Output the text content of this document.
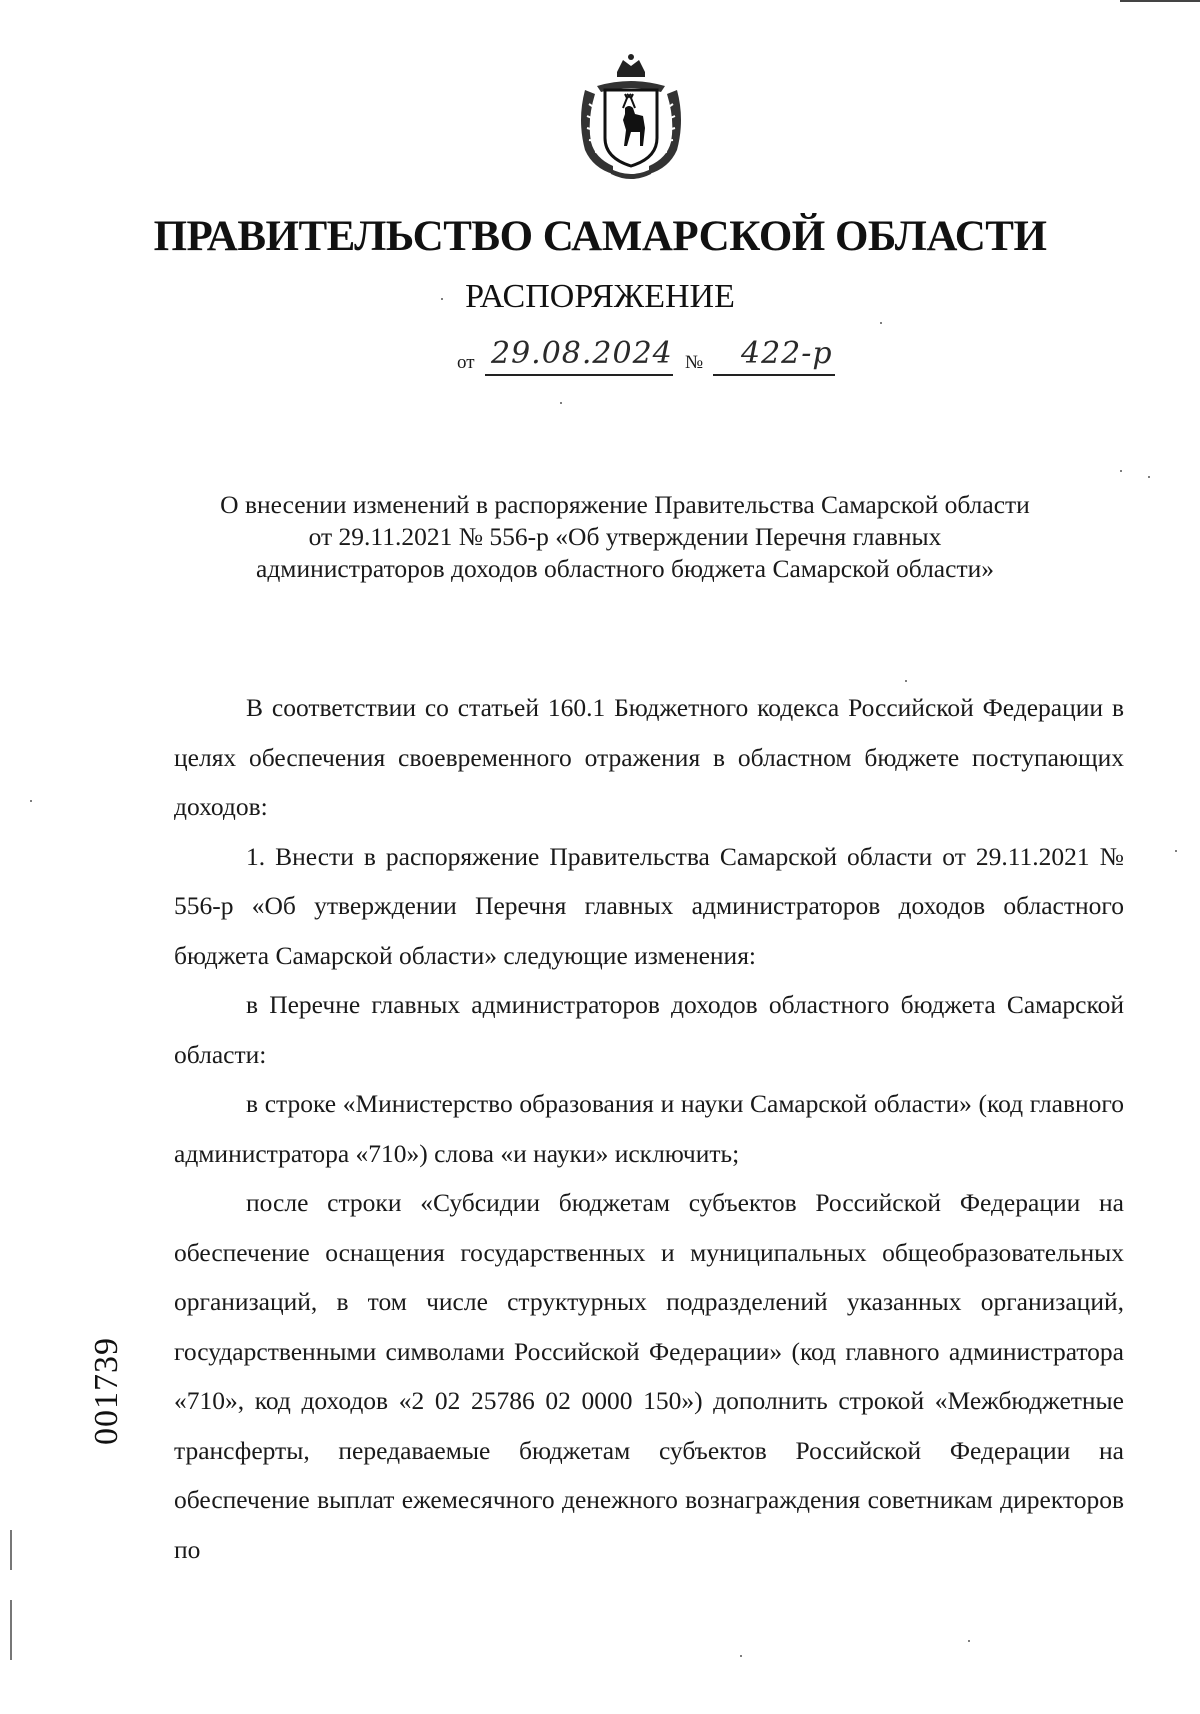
ПРАВИТЕЛЬСТВО САМАРСКОЙ ОБЛАСТИ
РАСПОРЯЖЕНИЕ
от 29.08.2024 № 422-р
О внесении изменений в распоряжение Правительства Самарской области
от 29.11.2021 № 556-р «Об утверждении Перечня главных
администраторов доходов областного бюджета Самарской области»

В соответствии со статьей 160.1 Бюджетного кодекса Российской Федерации в целях обеспечения своевременного отражения в областном бюджете поступающих доходов:

1. Внести в распоряжение Правительства Самарской области от 29.11.2021 № 556-р «Об утверждении Перечня главных администраторов доходов областного бюджета Самарской области» следующие изменения:

в Перечне главных администраторов доходов областного бюджета Самарской области:

в строке «Министерство образования и науки Самарской области» (код главного администратора «710») слова «и науки» исключить;

после строки «Субсидии бюджетам субъектов Российской Федерации на обеспечение оснащения государственных и муниципальных общеобразовательных организаций, в том числе структурных подразделений указанных организаций, государственными символами Российской Федерации» (код главного администратора «710», код доходов «2 02 25786 02 0000 150») дополнить строкой «Межбюджетные трансферты, передаваемые бюджетам субъектов Российской Федерации на обеспечение выплат ежемесячного денежного вознаграждения советникам директоров по

001739
